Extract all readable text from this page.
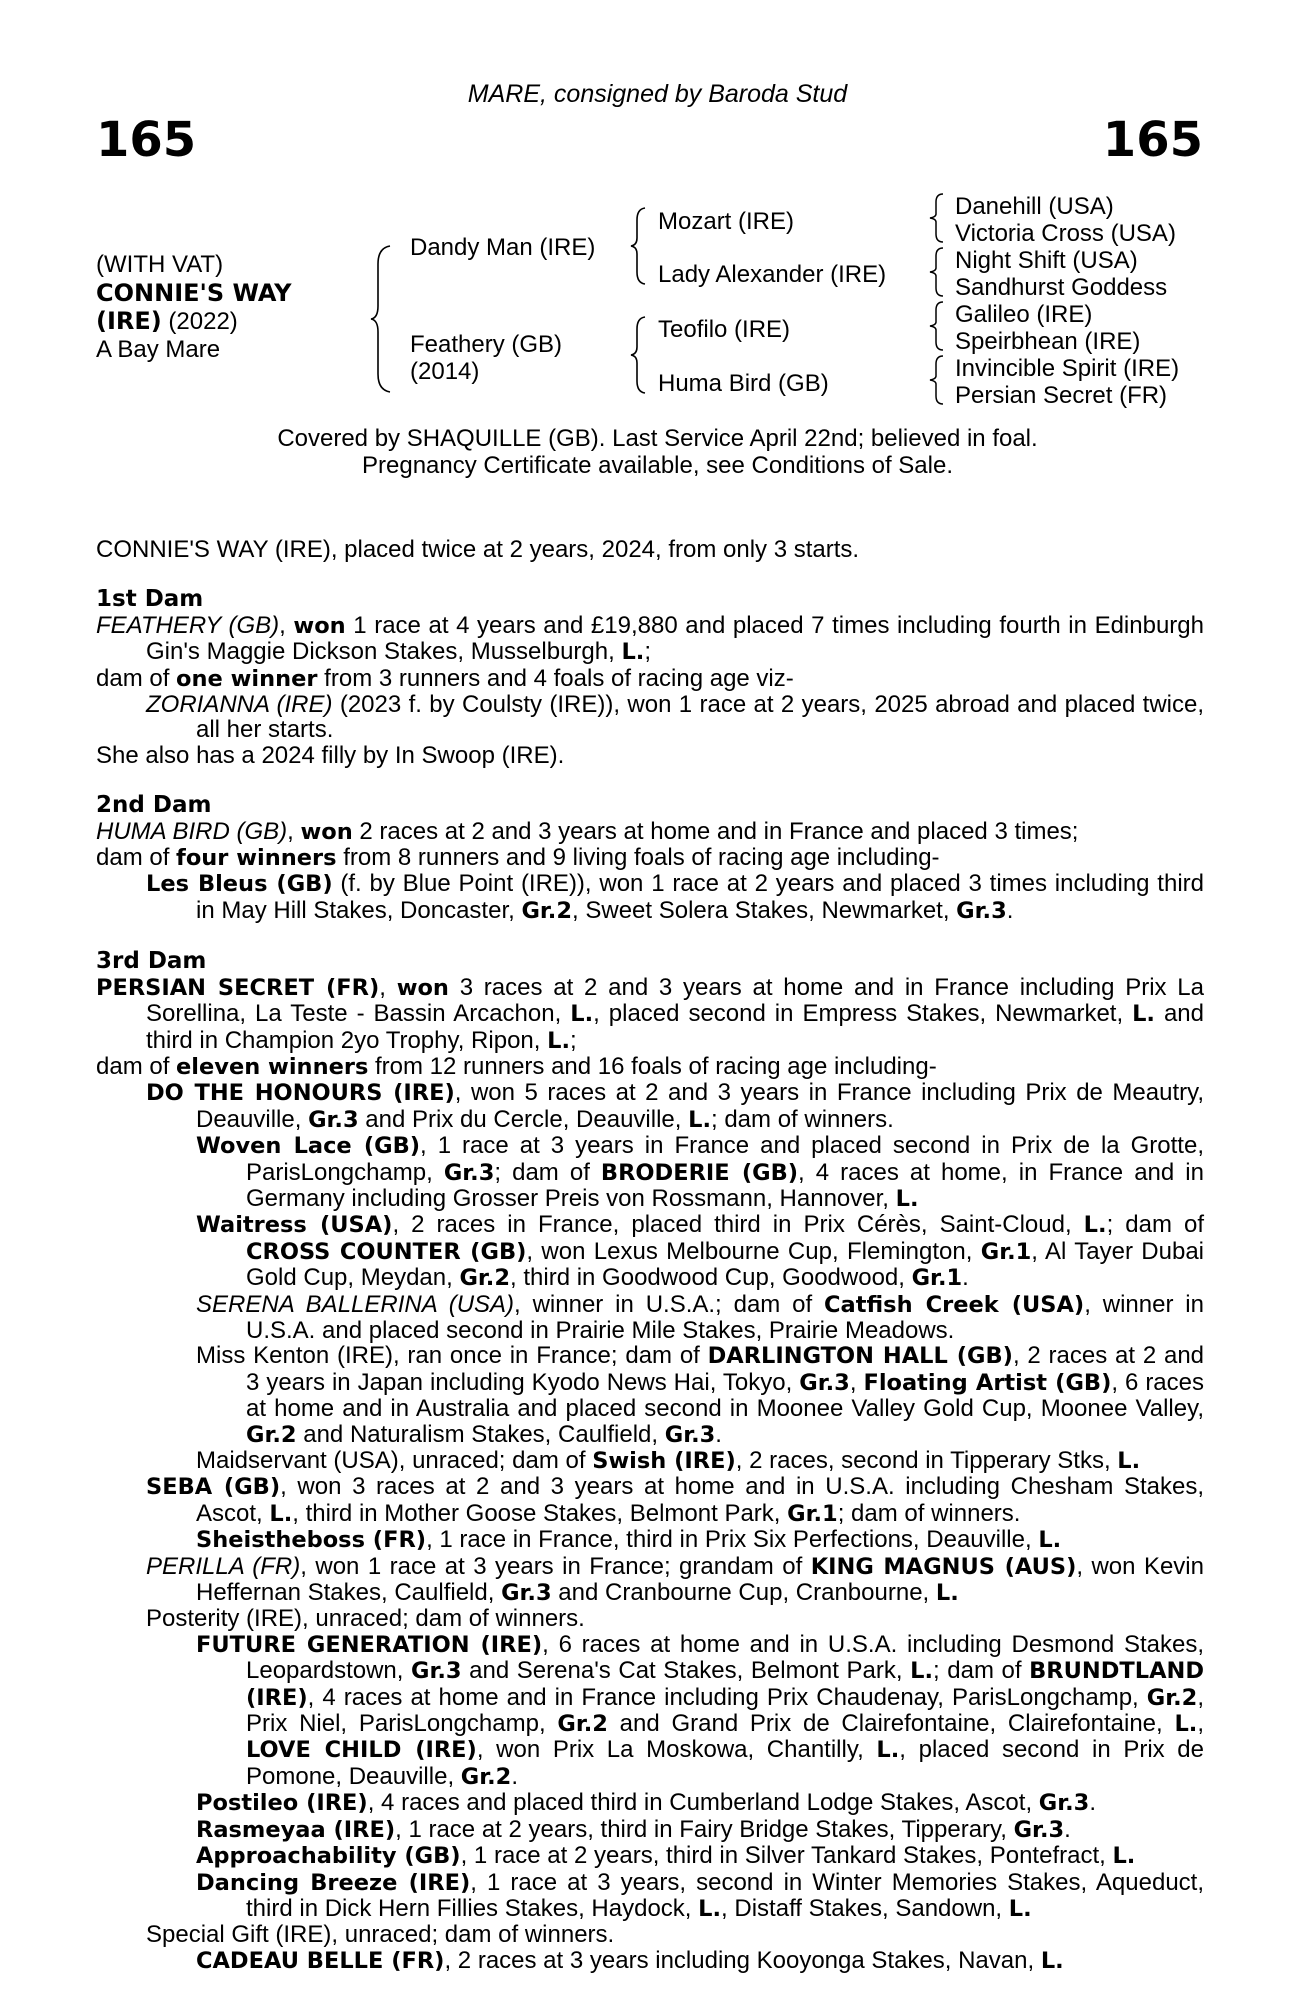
MARE, consigned by Baroda Stud
165	165
(WITH VAT)
CONNIE'S WAY
(IRE) (2022)
A Bay Mare
Dandy Man (IRE)
Feathery (GB)
(2014)
Mozart (IRE)
Lady Alexander (IRE)
Teofilo (IRE)
Huma Bird (GB)
Danehill (USA)
Victoria Cross (USA)
Night Shift (USA)
Sandhurst Goddess
Galileo (IRE)
Speirbhean (IRE)
Invincible Spirit (IRE)
Persian Secret (FR)
Covered by SHAQUILLE (GB). Last Service April 22nd; believed in foal.
Pregnancy Certificate available, see Conditions of Sale.

CONNIE'S WAY (IRE), placed twice at 2 years, 2024, from only 3 starts.

1st Dam

FEATHERY (GB), won 1 race at 4 years and £19,880 and placed 7 times including fourth in Edinburgh Gin's Maggie Dickson Stakes, Musselburgh, L.;

dam of one winner from 3 runners and 4 foals of racing age viz-

ZORIANNA (IRE) (2023 f. by Coulsty (IRE)), won 1 race at 2 years, 2025 abroad and placed twice, all her starts.

She also has a 2024 filly by In Swoop (IRE).

2nd Dam

HUMA BIRD (GB), won 2 races at 2 and 3 years at home and in France and placed 3 times;

dam of four winners from 8 runners and 9 living foals of racing age including-

Les Bleus (GB) (f. by Blue Point (IRE)), won 1 race at 2 years and placed 3 times including third in May Hill Stakes, Doncaster, Gr.2, Sweet Solera Stakes, Newmarket, Gr.3.

3rd Dam

PERSIAN SECRET (FR), won 3 races at 2 and 3 years at home and in France including Prix La Sorellina, La Teste - Bassin Arcachon, L., placed second in Empress Stakes, Newmarket, L. and third in Champion 2yo Trophy, Ripon, L.;

dam of eleven winners from 12 runners and 16 foals of racing age including-

DO THE HONOURS (IRE), won 5 races at 2 and 3 years in France including Prix de Meautry, Deauville, Gr.3 and Prix du Cercle, Deauville, L.; dam of winners.

Woven Lace (GB), 1 race at 3 years in France and placed second in Prix de la Grotte, ParisLongchamp, Gr.3; dam of BRODERIE (GB), 4 races at home, in France and in Germany including Grosser Preis von Rossmann, Hannover, L.

Waitress (USA), 2 races in France, placed third in Prix Cérès, Saint-Cloud, L.; dam of CROSS COUNTER (GB), won Lexus Melbourne Cup, Flemington, Gr.1, Al Tayer Dubai Gold Cup, Meydan, Gr.2, third in Goodwood Cup, Goodwood, Gr.1.

SERENA BALLERINA (USA), winner in U.S.A.; dam of Catfish Creek (USA), winner in U.S.A. and placed second in Prairie Mile Stakes, Prairie Meadows.

Miss Kenton (IRE), ran once in France; dam of DARLINGTON HALL (GB), 2 races at 2 and 3 years in Japan including Kyodo News Hai, Tokyo, Gr.3, Floating Artist (GB), 6 races at home and in Australia and placed second in Moonee Valley Gold Cup, Moonee Valley, Gr.2 and Naturalism Stakes, Caulfield, Gr.3.

Maidservant (USA), unraced; dam of Swish (IRE), 2 races, second in Tipperary Stks, L.

SEBA (GB), won 3 races at 2 and 3 years at home and in U.S.A. including Chesham Stakes, Ascot, L., third in Mother Goose Stakes, Belmont Park, Gr.1; dam of winners.

Sheistheboss (FR), 1 race in France, third in Prix Six Perfections, Deauville, L.

PERILLA (FR), won 1 race at 3 years in France; grandam of KING MAGNUS (AUS), won Kevin Heffernan Stakes, Caulfield, Gr.3 and Cranbourne Cup, Cranbourne, L.

Posterity (IRE), unraced; dam of winners.

FUTURE GENERATION (IRE), 6 races at home and in U.S.A. including Desmond Stakes, Leopardstown, Gr.3 and Serena's Cat Stakes, Belmont Park, L.; dam of BRUNDTLAND (IRE), 4 races at home and in France including Prix Chaudenay, ParisLongchamp, Gr.2, Prix Niel, ParisLongchamp, Gr.2 and Grand Prix de Clairefontaine, Clairefontaine, L., LOVE CHILD (IRE), won Prix La Moskowa, Chantilly, L., placed second in Prix de Pomone, Deauville, Gr.2.

Postileo (IRE), 4 races and placed third in Cumberland Lodge Stakes, Ascot, Gr.3.

Rasmeyaa (IRE), 1 race at 2 years, third in Fairy Bridge Stakes, Tipperary, Gr.3.

Approachability (GB), 1 race at 2 years, third in Silver Tankard Stakes, Pontefract, L.

Dancing Breeze (IRE), 1 race at 3 years, second in Winter Memories Stakes, Aqueduct, third in Dick Hern Fillies Stakes, Haydock, L., Distaff Stakes, Sandown, L.

Special Gift (IRE), unraced; dam of winners.

CADEAU BELLE (FR), 2 races at 3 years including Kooyonga Stakes, Navan, L.
